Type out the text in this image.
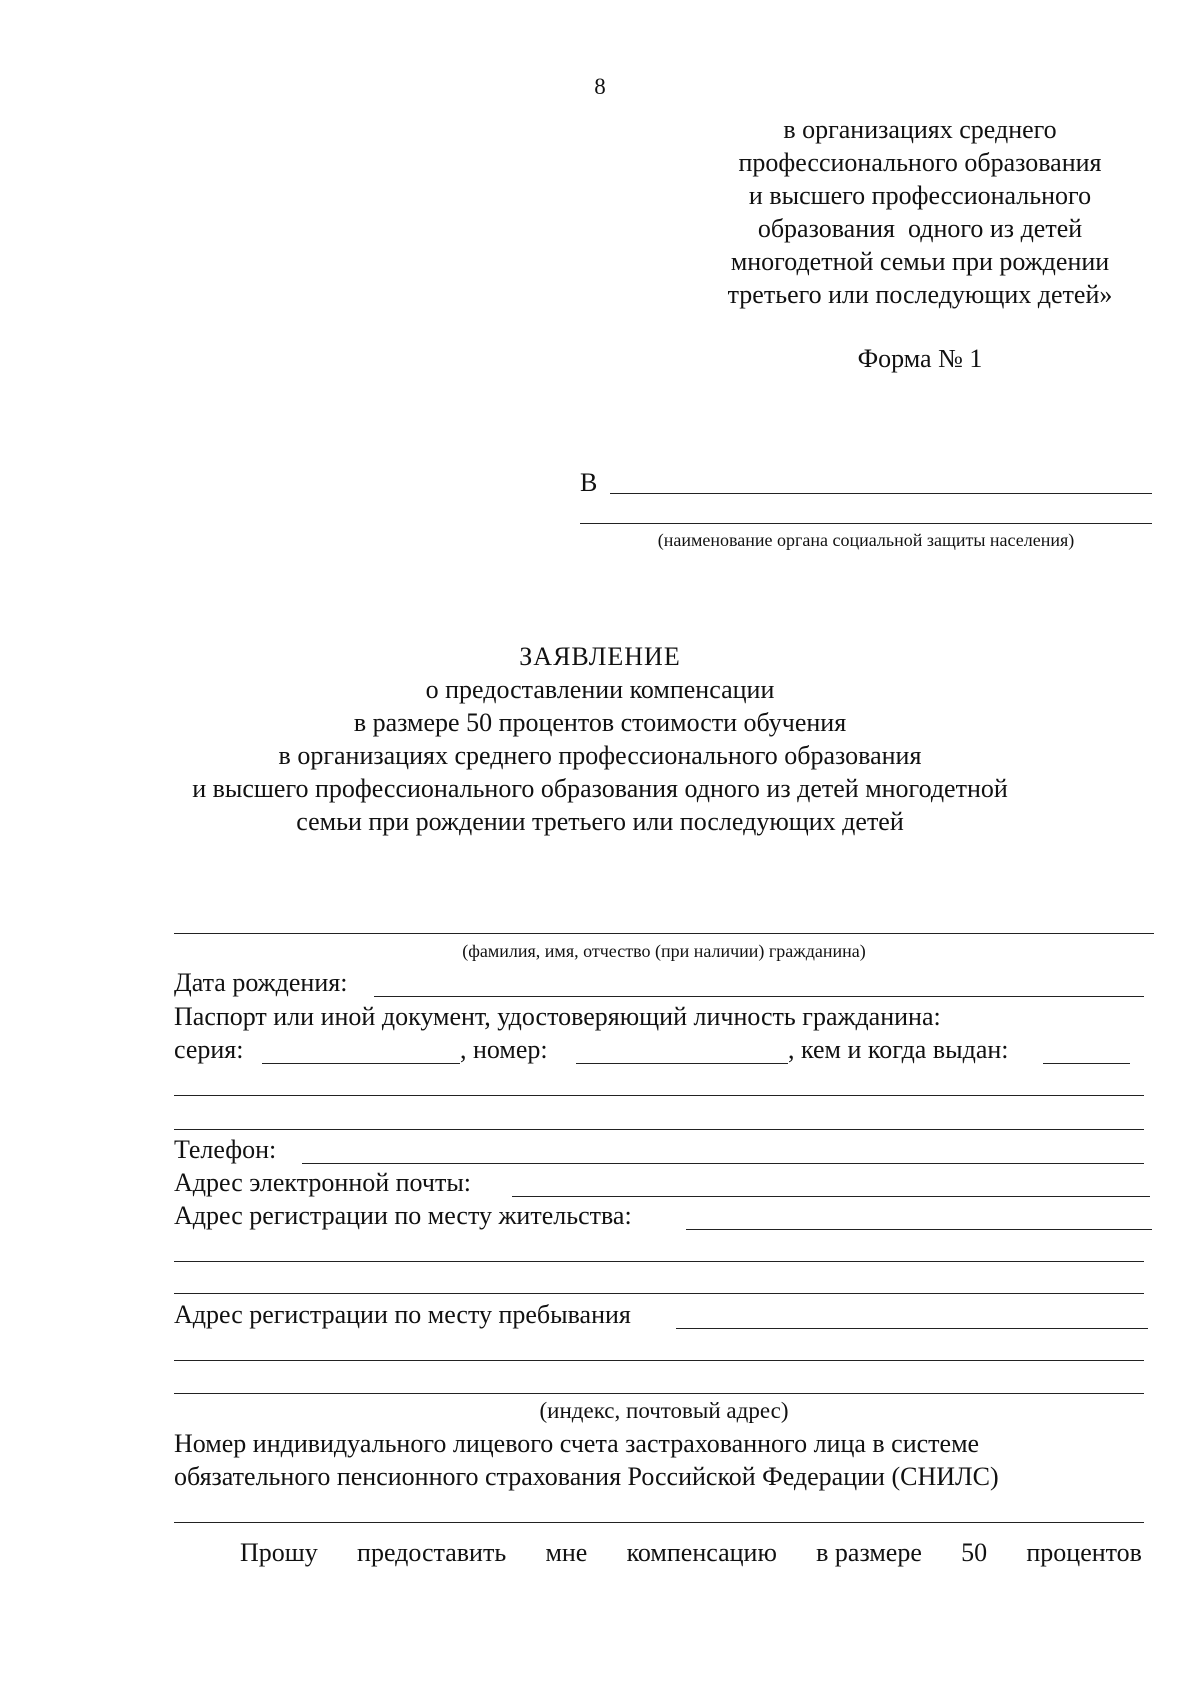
8
в организациях среднего
профессионального образования
и высшего профессионального
образования  одного из детей
многодетной семьи при рождении
третьего или последующих детей»
Форма № 1
В
(наименование органа социальной защиты населения)
ЗАЯВЛЕНИЕ
о предоставлении компенсации
в размере 50 процентов стоимости обучения
в организациях среднего профессионального образования
и высшего профессионального образования одного из детей многодетной
семьи при рождении третьего или последующих детей
(фамилия, имя, отчество (при наличии) гражданина)
Дата рождения:
Паспорт или иной документ, удостоверяющий личность гражданина:
серия:	, номер:	, кем и когда выдан:
Телефон:
Адрес электронной почты:
Адрес регистрации по месту жительства:
Адрес регистрации по месту пребывания
(индекс, почтовый адрес)
Номер индивидуального лицевого счета застрахованного лица в системе
обязательного пенсионного страхования Российской Федерации (СНИЛС)
Прошу предоставить мне компенсацию в размере 50 процентов
